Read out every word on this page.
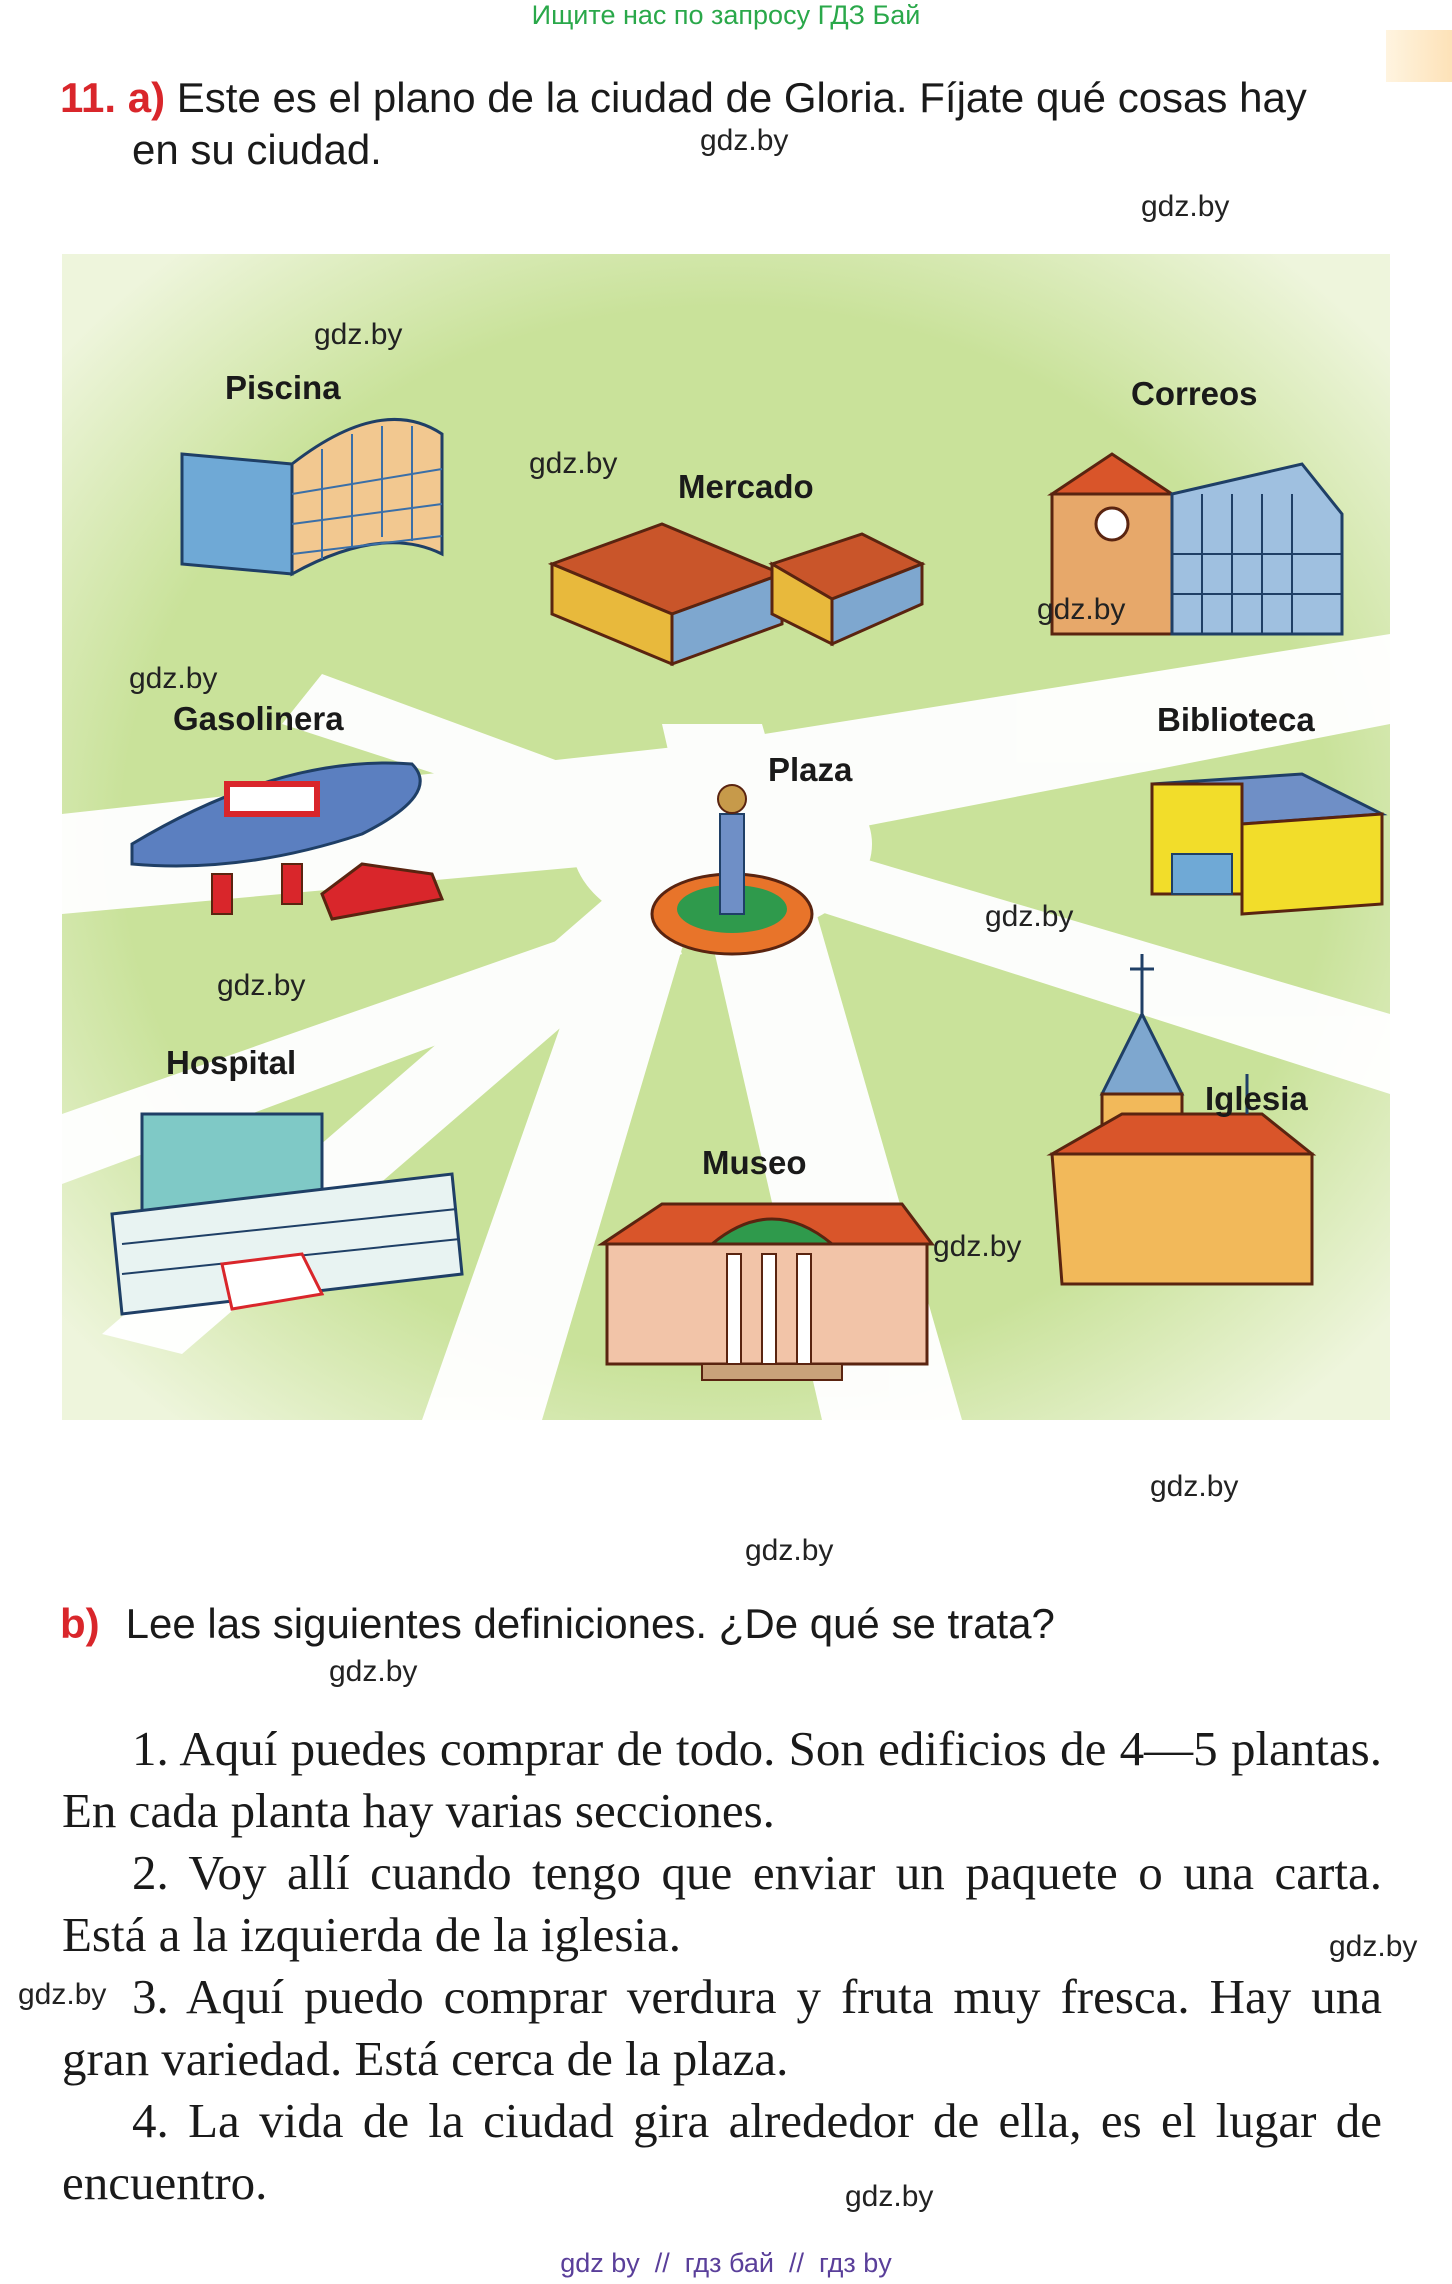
Ищите нас по запросу ГДЗ Бай
11. a) Este es el plano de la ciudad de Gloria. Fíjate qué cosas hay
en su ciudad.
Piscina
Mercado
Correos
Gasolinera
Plaza
Biblioteca
Hospital
Museo
Iglesia
b) Lee las siguientes definiciones. ¿De qué se trata?
1. Aquí puedes comprar de todo. Son edificios de 4—5 plantas. En cada planta hay varias secciones.
2. Voy allí cuando tengo que enviar un paquete o una carta. Está a la izquierda de la iglesia.
3. Aquí puedo comprar verdura y fruta muy fresca. Hay una gran variedad. Está cerca de la plaza.
4. La vida de la ciudad gira alrededor de ella, es el lugar de encuentro.
gdz.by
gdz.by
gdz.by
gdz.by
gdz.by
gdz.by
gdz.by
gdz.by
gdz.by
gdz.by
gdz.by
gdz.by
gdz.by
gdz.by
gdz.by
gdz by  //  гдз бай  //  гдз by
